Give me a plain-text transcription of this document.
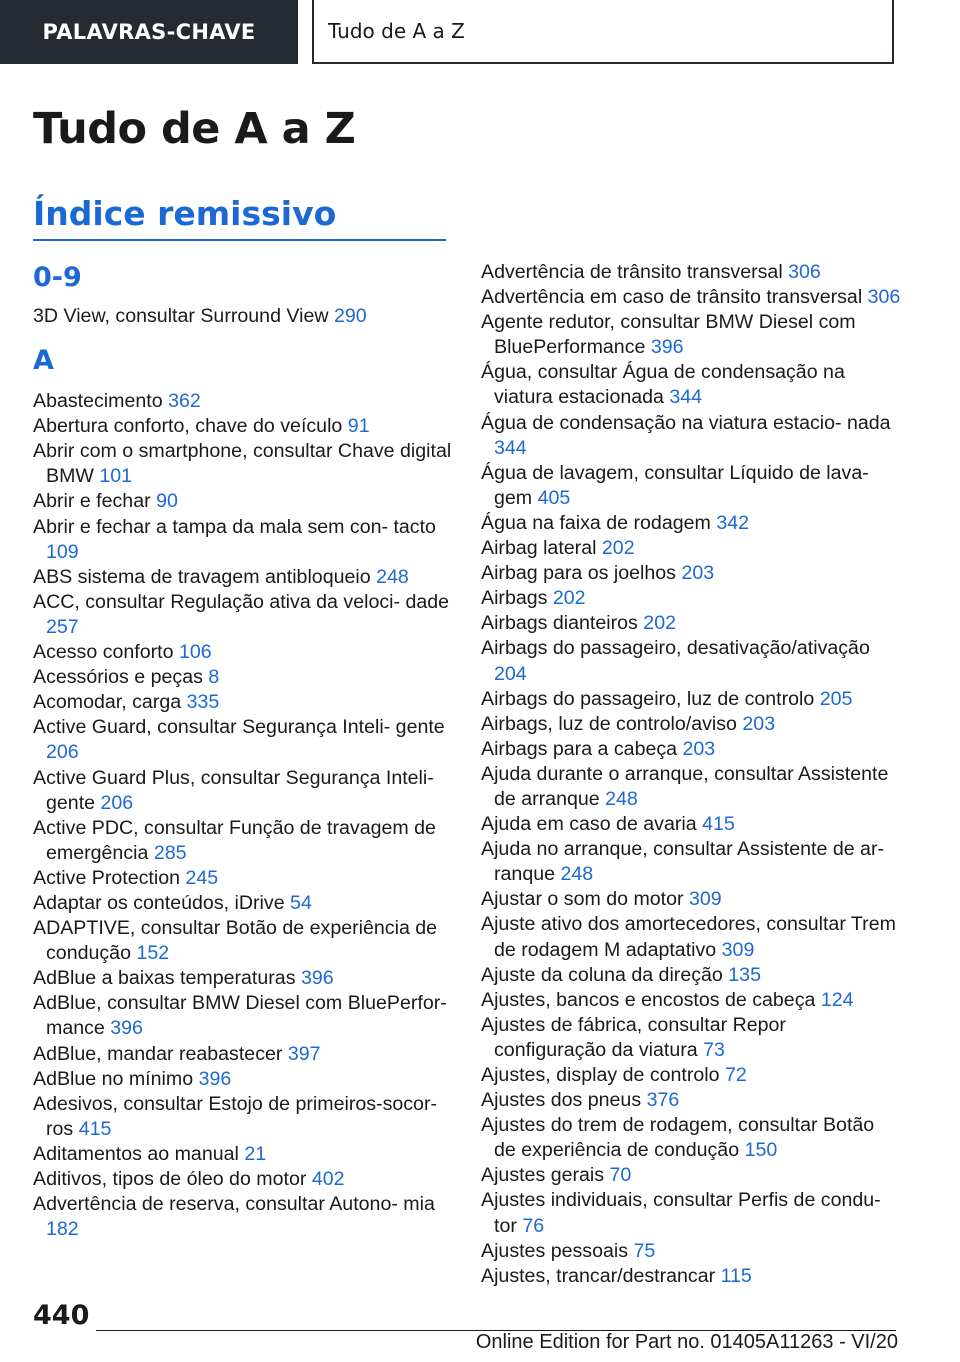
PALAVRAS-CHAVE	Tudo de A a Z
Tudo de A a Z
Índice remissivo
0-9
3D View, consultar Surround View 290
A
Abastecimento 362
Abertura conforto, chave do veículo 91
Abrir com o smartphone, consultar Chave digital BMW 101
Abrir e fechar 90
Abrir e fechar a tampa da mala sem con‐ tacto 109
ABS sistema de travagem antibloqueio 248
ACC, consultar Regulação ativa da veloci‐ dade 257
Acesso conforto 106
Acessórios e peças 8
Acomodar, carga 335
Active Guard, consultar Segurança Inteli‐ gente 206
Active Guard Plus, consultar Segurança Inteli‐ gente 206
Active PDC, consultar Função de travagem de emergência 285
Active Protection 245
Adaptar os conteúdos, iDrive 54
ADAPTIVE, consultar Botão de experiência de condução 152
AdBlue a baixas temperaturas 396
AdBlue, consultar BMW Diesel com BluePerfor‐ mance 396
AdBlue, mandar reabastecer 397
AdBlue no mínimo 396
Adesivos, consultar Estojo de primeiros-socor‐ ros 415
Aditamentos ao manual 21
Aditivos, tipos de óleo do motor 402
Advertência de reserva, consultar Autono‐ mia 182
Advertência de trânsito transversal 306
Advertência em caso de trânsito transversal 306
Agente redutor, consultar BMW Diesel com BluePerformance 396
Água, consultar Água de condensação na viatura estacionada 344
Água de condensação na viatura estacio‐ nada 344
Água de lavagem, consultar Líquido de lava‐ gem 405
Água na faixa de rodagem 342
Airbag lateral 202
Airbag para os joelhos 203
Airbags 202
Airbags dianteiros 202
Airbags do passageiro, desativação/ativação 204
Airbags do passageiro, luz de controlo 205
Airbags, luz de controlo/aviso 203
Airbags para a cabeça 203
Ajuda durante o arranque, consultar Assistente de arranque 248
Ajuda em caso de avaria 415
Ajuda no arranque, consultar Assistente de ar‐ ranque 248
Ajustar o som do motor 309
Ajuste ativo dos amortecedores, consultar Trem de rodagem M adaptativo 309
Ajuste da coluna da direção 135
Ajustes, bancos e encostos de cabeça 124
Ajustes de fábrica, consultar Repor configuração da viatura 73
Ajustes, display de controlo 72
Ajustes dos pneus 376
Ajustes do trem de rodagem, consultar Botão de experiência de condução 150
Ajustes gerais 70
Ajustes individuais, consultar Perfis de condu‐ tor 76
Ajustes pessoais 75
Ajustes, trancar/destrancar 115
440
Online Edition for Part no. 01405A11263 - VI/20
